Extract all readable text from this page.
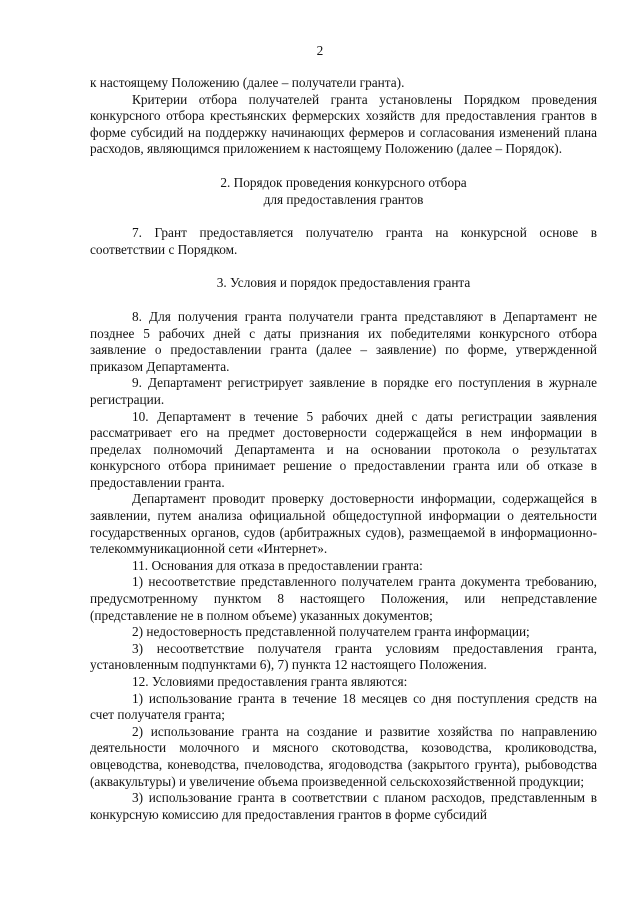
2

к настоящему Положению (далее – получатели гранта).

Критерии отбора получателей гранта установлены Порядком проведения конкурсного отбора крестьянских фермерских хозяйств для предоставления грантов в форме субсидий на поддержку начинающих фермеров и согласования изменений плана расходов, являющимся приложением к настоящему Положению (далее – Порядок).

2. Порядок проведения конкурсного отбора
для предоставления грантов

7. Грант предоставляется получателю гранта на конкурсной основе в соответствии с Порядком.

3. Условия и порядок предоставления гранта

8. Для получения гранта получатели гранта представляют в Департамент не позднее 5 рабочих дней с даты признания их победителями конкурсного отбора заявление о предоставлении гранта (далее – заявление) по форме, утвержденной приказом Департамента.

9. Департамент регистрирует заявление в порядке его поступления в журнале регистрации.

10. Департамент в течение 5 рабочих дней с даты регистрации заявления рассматривает его на предмет достоверности содержащейся в нем информации в пределах полномочий Департамента и на основании протокола о результатах конкурсного отбора принимает решение о предоставлении гранта или об отказе в предоставлении гранта.

Департамент проводит проверку достоверности информации, содержащейся в заявлении, путем анализа официальной общедоступной информации о деятельности государственных органов, судов (арбитражных судов), размещаемой в информационно-телекоммуникационной сети «Интернет».

11. Основания для отказа в предоставлении гранта:

1) несоответствие представленного получателем гранта документа требованию, предусмотренному пунктом 8 настоящего Положения, или непредставление (представление не в полном объеме) указанных документов;

2) недостоверность представленной получателем гранта информации;

3) несоответствие получателя гранта условиям предоставления гранта, установленным подпунктами 6), 7) пункта 12 настоящего Положения.

12. Условиями предоставления гранта являются:

1) использование гранта в течение 18 месяцев со дня поступления средств на счет получателя гранта;

2) использование гранта на создание и развитие хозяйства по направлению деятельности молочного и мясного скотоводства, козоводства, кролиководства, овцеводства, коневодства, пчеловодства, ягодоводства (закрытого грунта), рыбоводства (аквакультуры) и увеличение объема произведенной сельскохозяйственной продукции;

3) использование гранта в соответствии с планом расходов, представленным в конкурсную комиссию для предоставления грантов в форме субсидий
